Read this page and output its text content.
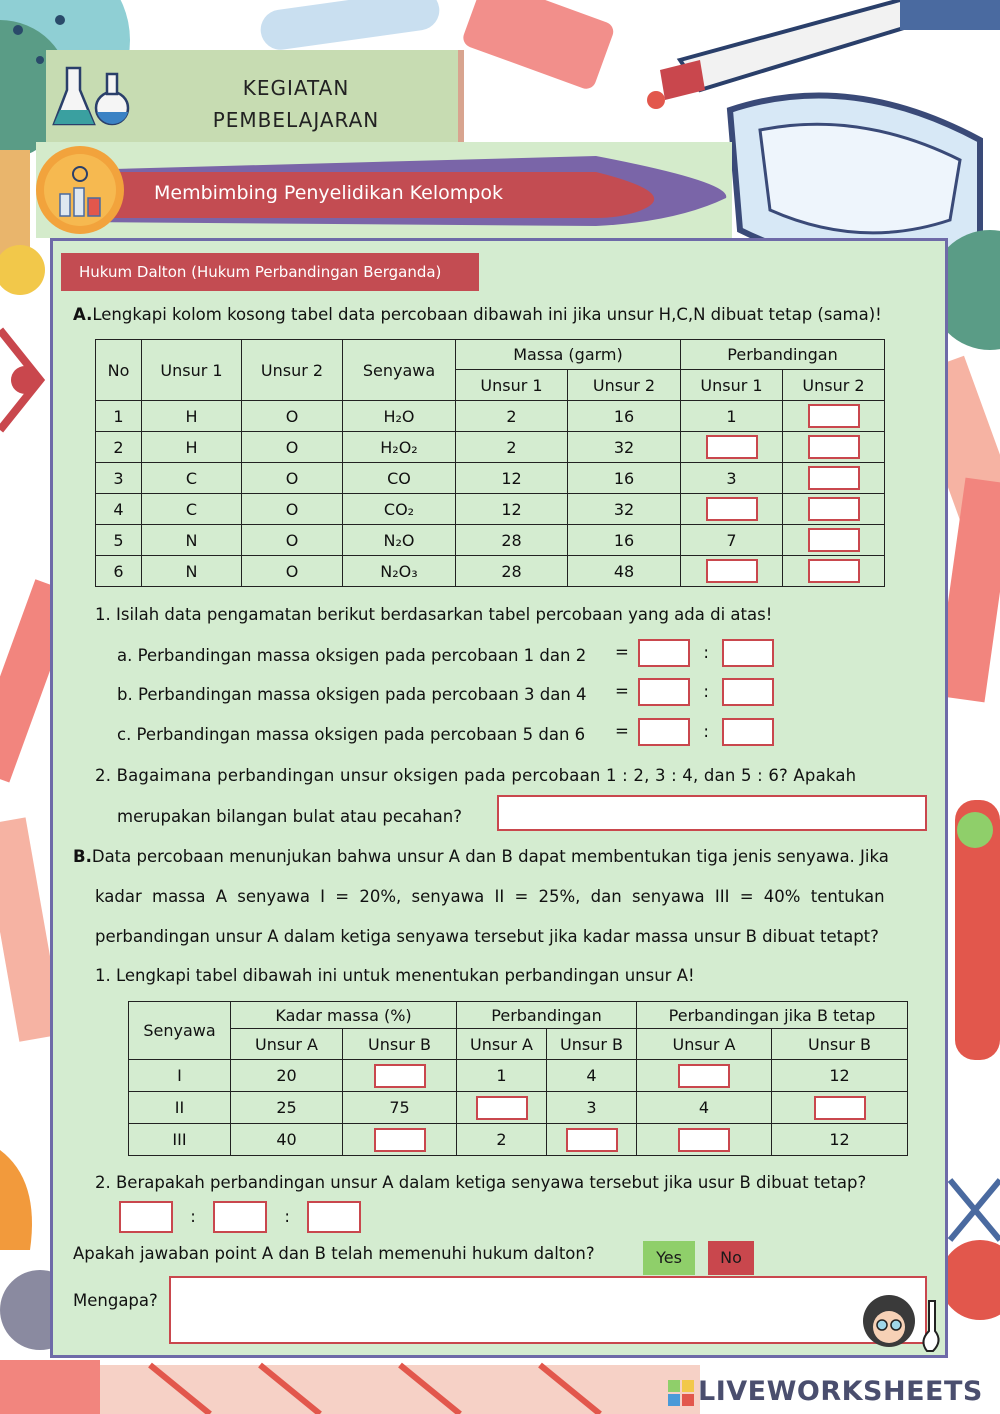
KEGIATAN
PEMBELAJARAN
Membimbing Penyelidikan Kelompok
Hukum Dalton (Hukum Perbandingan Berganda)
A.Lengkapi kolom kosong tabel data percobaan dibawah ini jika unsur H,C,N dibuat tetap (sama)!
No	Unsur 1	Unsur 2	Senyawa	Massa (garm)		Perbandingan	
				Unsur 1	Unsur 2	Unsur 1	Unsur 2
1	H	O	H₂O	2	16	1	
2	H	O	H₂O₂	2	32		
3	C	O	CO	12	16	3	
4	C	O	CO₂	12	32		
5	N	O	N₂O	28	16	7	
6	N	O	N₂O₃	28	48		
1. Isilah data pengamatan berikut berdasarkan tabel percobaan yang ada di atas!
a. Perbandingan massa oksigen pada percobaan 1 dan 2 =	:
b. Perbandingan massa oksigen pada percobaan 3 dan 4 =	:
c. Perbandingan massa oksigen pada percobaan 5 dan 6 =	:
2. Bagaimana perbandingan unsur oksigen pada percobaan 1 : 2, 3 : 4, dan 5 : 6? Apakah
merupakan bilangan bulat atau pecahan?
B.Data percobaan menunjukan bahwa unsur A dan B dapat membentukan tiga jenis senyawa. Jika
kadar massa A senyawa I = 20%, senyawa II = 25%, dan senyawa III = 40% tentukan
perbandingan unsur A dalam ketiga senyawa tersebut jika kadar massa unsur B dibuat tetapt?
1. Lengkapi tabel dibawah ini untuk menentukan perbandingan unsur A!
Senyawa	Kadar massa (%)		Perbandingan		Perbandingan jika B tetap	
	Unsur A	Unsur B	Unsur A	Unsur B	Unsur A	Unsur B
I	20		1	4		12
II	25	75		3	4	
III	40		2			12
2. Berapakah perbandingan unsur A dalam ketiga senyawa tersebut jika usur B dibuat tetap?
:	:
Apakah jawaban point A dan B telah memenuhi hukum dalton?	Yes	No
Mengapa?
LIVEWORKSHEETS
